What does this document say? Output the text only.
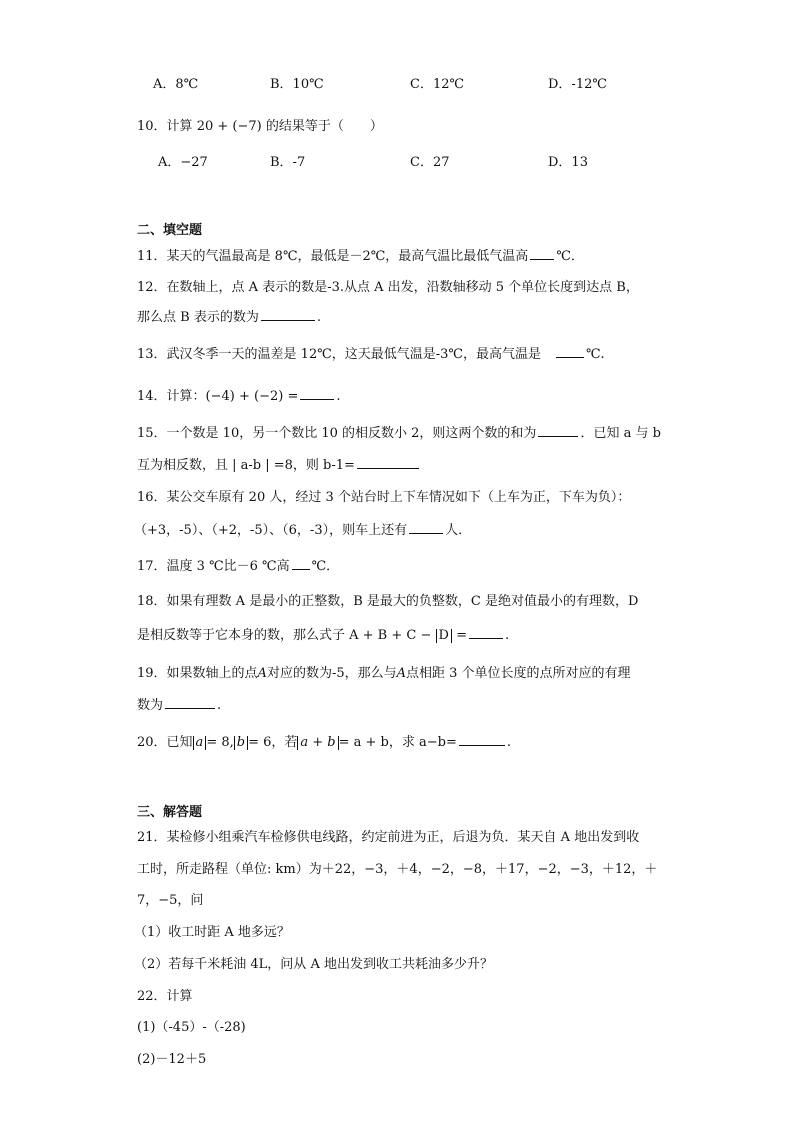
A．8℃	B．10℃	C．12℃	D．-12℃
10．计算 20 + (−7) 的结果等于（　　）
A．−27	B．-7	C．27	D．13
二、填空题
11．某天的气温最高是 8℃，最低是－2℃，最高气温比最低气温高 ℃．
12．在数轴上，点 A 表示的数是-3.从点 A 出发，沿数轴移动 5 个单位长度到达点 B，
那么点 B 表示的数为	.
13．武汉冬季一天的温差是 12℃，这天最低气温是-3℃，最高气温是　	℃.
14．计算：(−4) + (−2) =	.
15．一个数是 10，另一个数比 10 的相反数小 2，则这两个数的和为	．已知 a 与 b
互为相反数，且 | a-b | =8，则 b-1=
16．某公交车原有 20 人，经过 3 个站台时上下车情况如下（上车为正，下车为负）：
（+3，-5）、（+2，-5）、（6，-3），则车上还有	人．
17．温度 3 ℃比－6 ℃高 ℃．
18．如果有理数 A 是最小的正整数，B 是最大的负整数，C 是绝对值最小的有理数，D
是相反数等于它本身的数，那么式子 A + B + C − D =	.
19．如果数轴上的点A对应的数为-5，那么与A点相距 3 个单位长度的点所对应的有理
数为	.
20．已知 a = 8, b = 6，若 a + b = a + b，求 a−b=	.
三、解答题
21．某检修小组乘汽车检修供电线路，约定前进为正，后退为负．某天自 A 地出发到收
工时，所走路程（单位: km）为＋22，−3，＋4，−2，−8，＋17，−2，−3，＋12，＋
7，−5，问
（1）收工时距 A 地多远？
（2）若每千米耗油 4L，问从 A 地出发到收工共耗油多少升？
22．计算
(1)（-45）-（-28)
(2)－12＋5
